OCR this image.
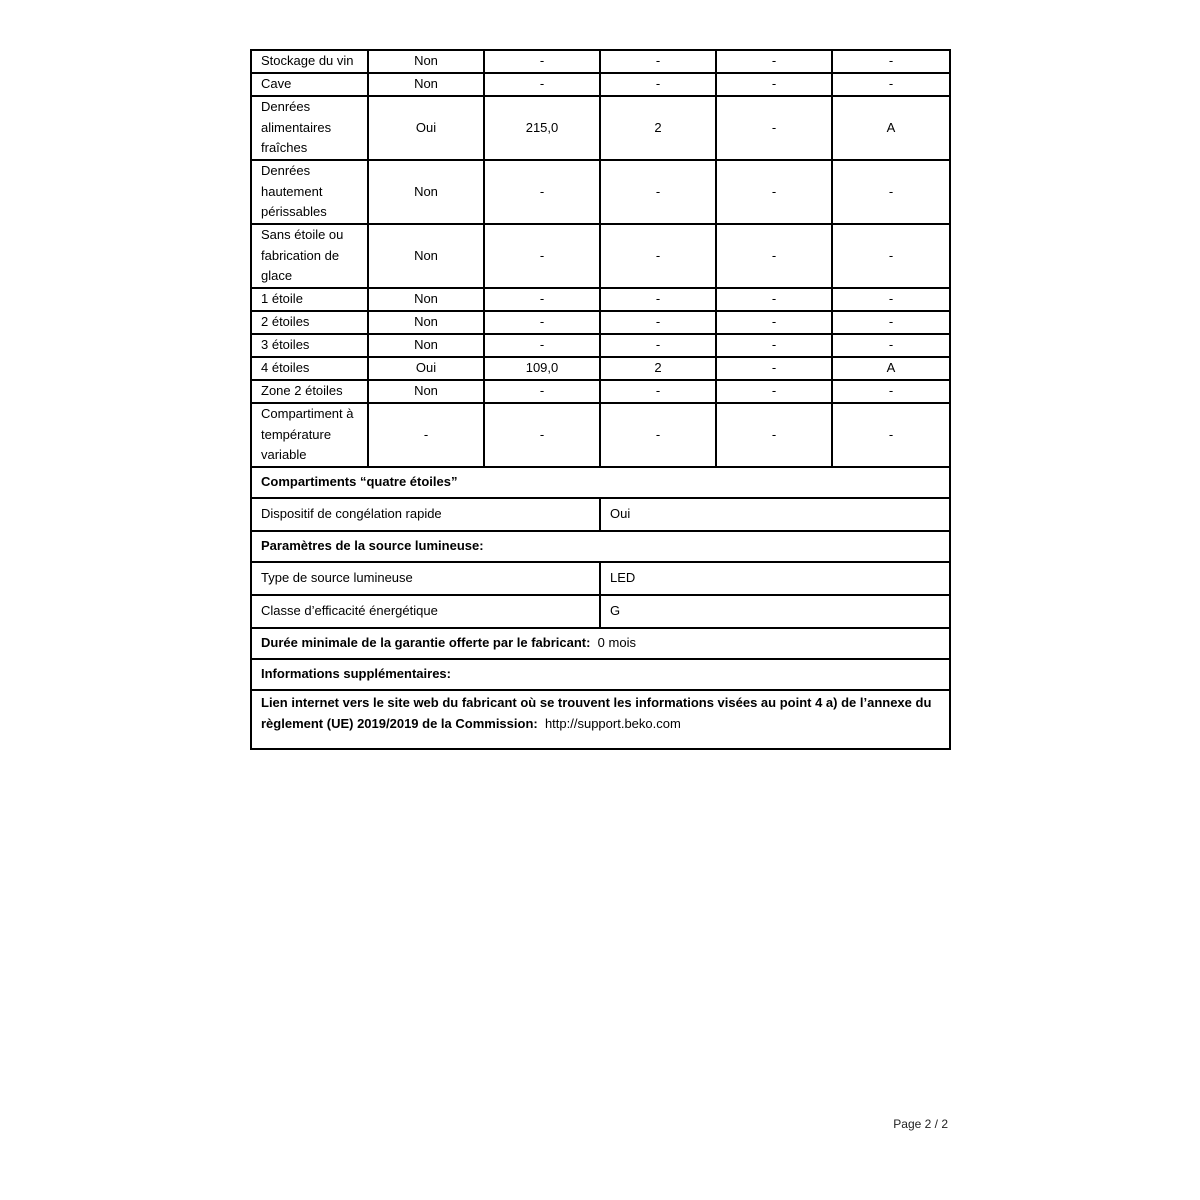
Stockage du vin	Non	-	-	-	-
Cave	Non	-	-	-	-
Denrées alimentaires fraîches	Oui	215,0	2	-	A
Denrées hautement périssables	Non	-	-	-	-
Sans étoile ou fabrication de glace	Non	-	-	-	-
1 étoile	Non	-	-	-	-
2 étoiles	Non	-	-	-	-
3 étoiles	Non	-	-	-	-
4 étoiles	Oui	109,0	2	-	A
Zone 2 étoiles	Non	-	-	-	-
Compartiment à température variable	-	-	-	-	-
Compartiments “quatre étoiles”					
Dispositif de congélation rapide			Oui		
Paramètres de la source lumineuse:					
Type de source lumineuse			LED		
Classe d’efficacité énergétique			G		
Durée minimale de la garantie offerte par le fabricant: 0 mois					
Informations supplémentaires:					
Lien internet vers le site web du fabricant où se trouvent les informations visées au point 4 a) de l’annexe du règlement (UE) 2019/2019 de la Commission: http://support.beko.com					
Page 2 / 2
